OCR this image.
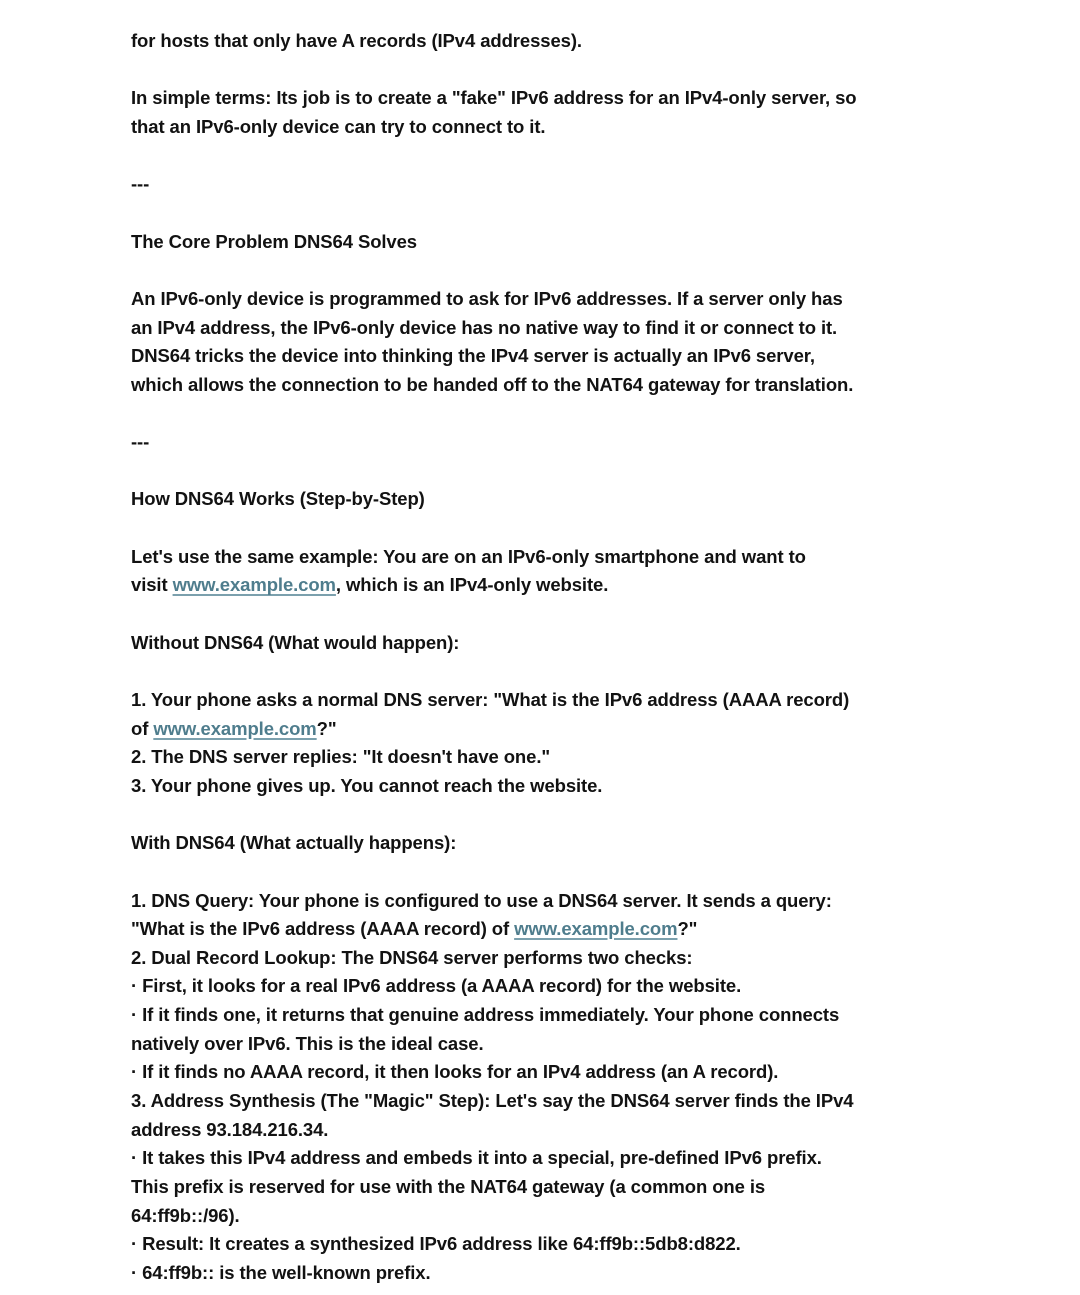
for hosts that only have A records (IPv4 addresses).
In simple terms: Its job is to create a "fake" IPv6 address for an IPv4-only server, so
that an IPv6-only device can try to connect to it.
---
The Core Problem DNS64 Solves
An IPv6-only device is programmed to ask for IPv6 addresses. If a server only has
an IPv4 address, the IPv6-only device has no native way to find it or connect to it.
DNS64 tricks the device into thinking the IPv4 server is actually an IPv6 server,
which allows the connection to be handed off to the NAT64 gateway for translation.
---
How DNS64 Works (Step-by-Step)
Let's use the same example: You are on an IPv6-only smartphone and want to
visit www.example.com, which is an IPv4-only website.
Without DNS64 (What would happen):
1. Your phone asks a normal DNS server: "What is the IPv6 address (AAAA record)
of www.example.com?"
2. The DNS server replies: "It doesn't have one."
3. Your phone gives up. You cannot reach the website.
With DNS64 (What actually happens):
1. DNS Query: Your phone is configured to use a DNS64 server. It sends a query:
"What is the IPv6 address (AAAA record) of www.example.com?"
2. Dual Record Lookup: The DNS64 server performs two checks:
· First, it looks for a real IPv6 address (a AAAA record) for the website.
· If it finds one, it returns that genuine address immediately. Your phone connects
natively over IPv6. This is the ideal case.
· If it finds no AAAA record, it then looks for an IPv4 address (an A record).
3. Address Synthesis (The "Magic" Step): Let's say the DNS64 server finds the IPv4
address 93.184.216.34.
· It takes this IPv4 address and embeds it into a special, pre-defined IPv6 prefix.
This prefix is reserved for use with the NAT64 gateway (a common one is
64:ff9b::/96).
· Result: It creates a synthesized IPv6 address like 64:ff9b::5db8:d822.
· 64:ff9b:: is the well-known prefix.
